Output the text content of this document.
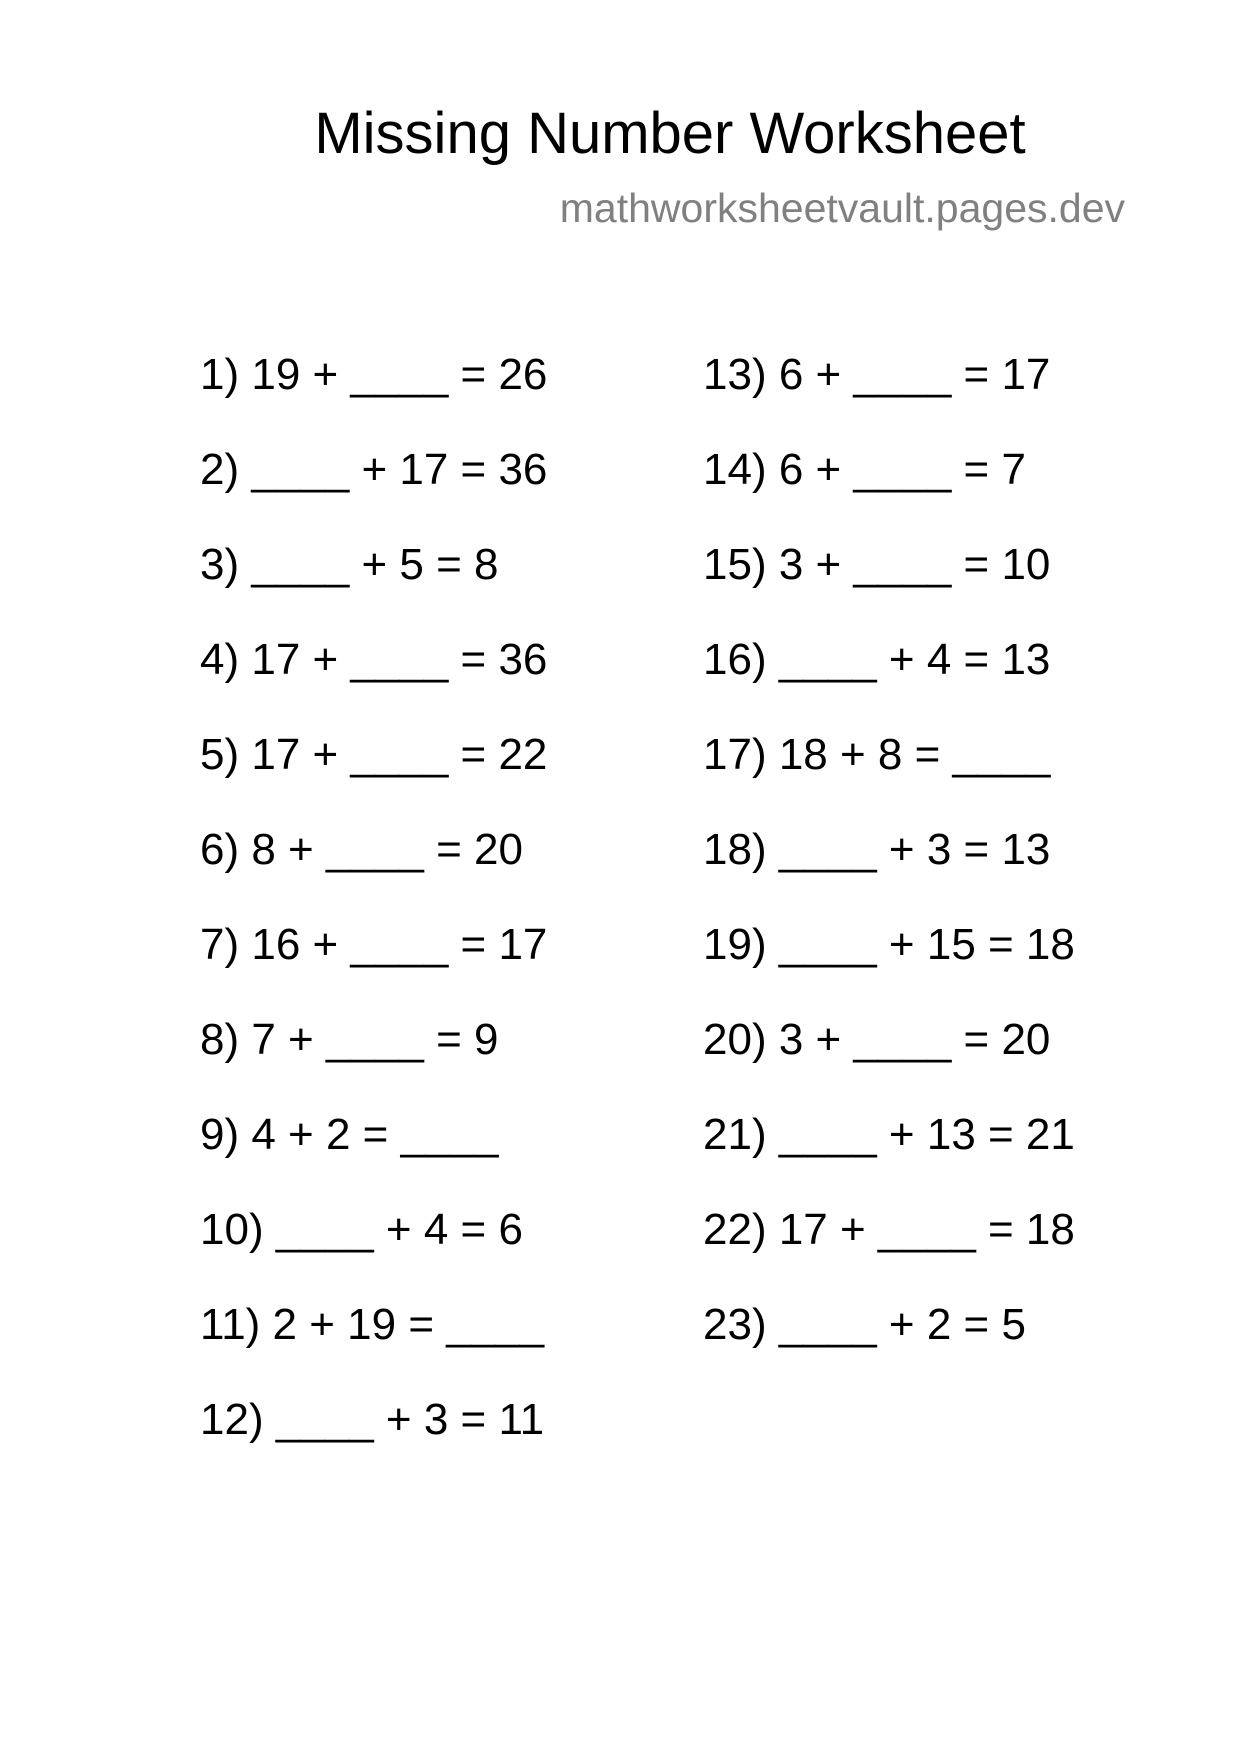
Missing Number Worksheet
mathworksheetvault.pages.dev
1) 19 + ____ = 26
2) ____ + 17 = 36
3) ____ + 5 = 8
4) 17 + ____ = 36
5) 17 + ____ = 22
6) 8 + ____ = 20
7) 16 + ____ = 17
8) 7 + ____ = 9
9) 4 + 2 = ____
10) ____ + 4 = 6
11) 2 + 19 = ____
12) ____ + 3 = 11
13) 6 + ____ = 17
14) 6 + ____ = 7
15) 3 + ____ = 10
16) ____ + 4 = 13
17) 18 + 8 = ____
18) ____ + 3 = 13
19) ____ + 15 = 18
20) 3 + ____ = 20
21) ____ + 13 = 21
22) 17 + ____ = 18
23) ____ + 2 = 5
